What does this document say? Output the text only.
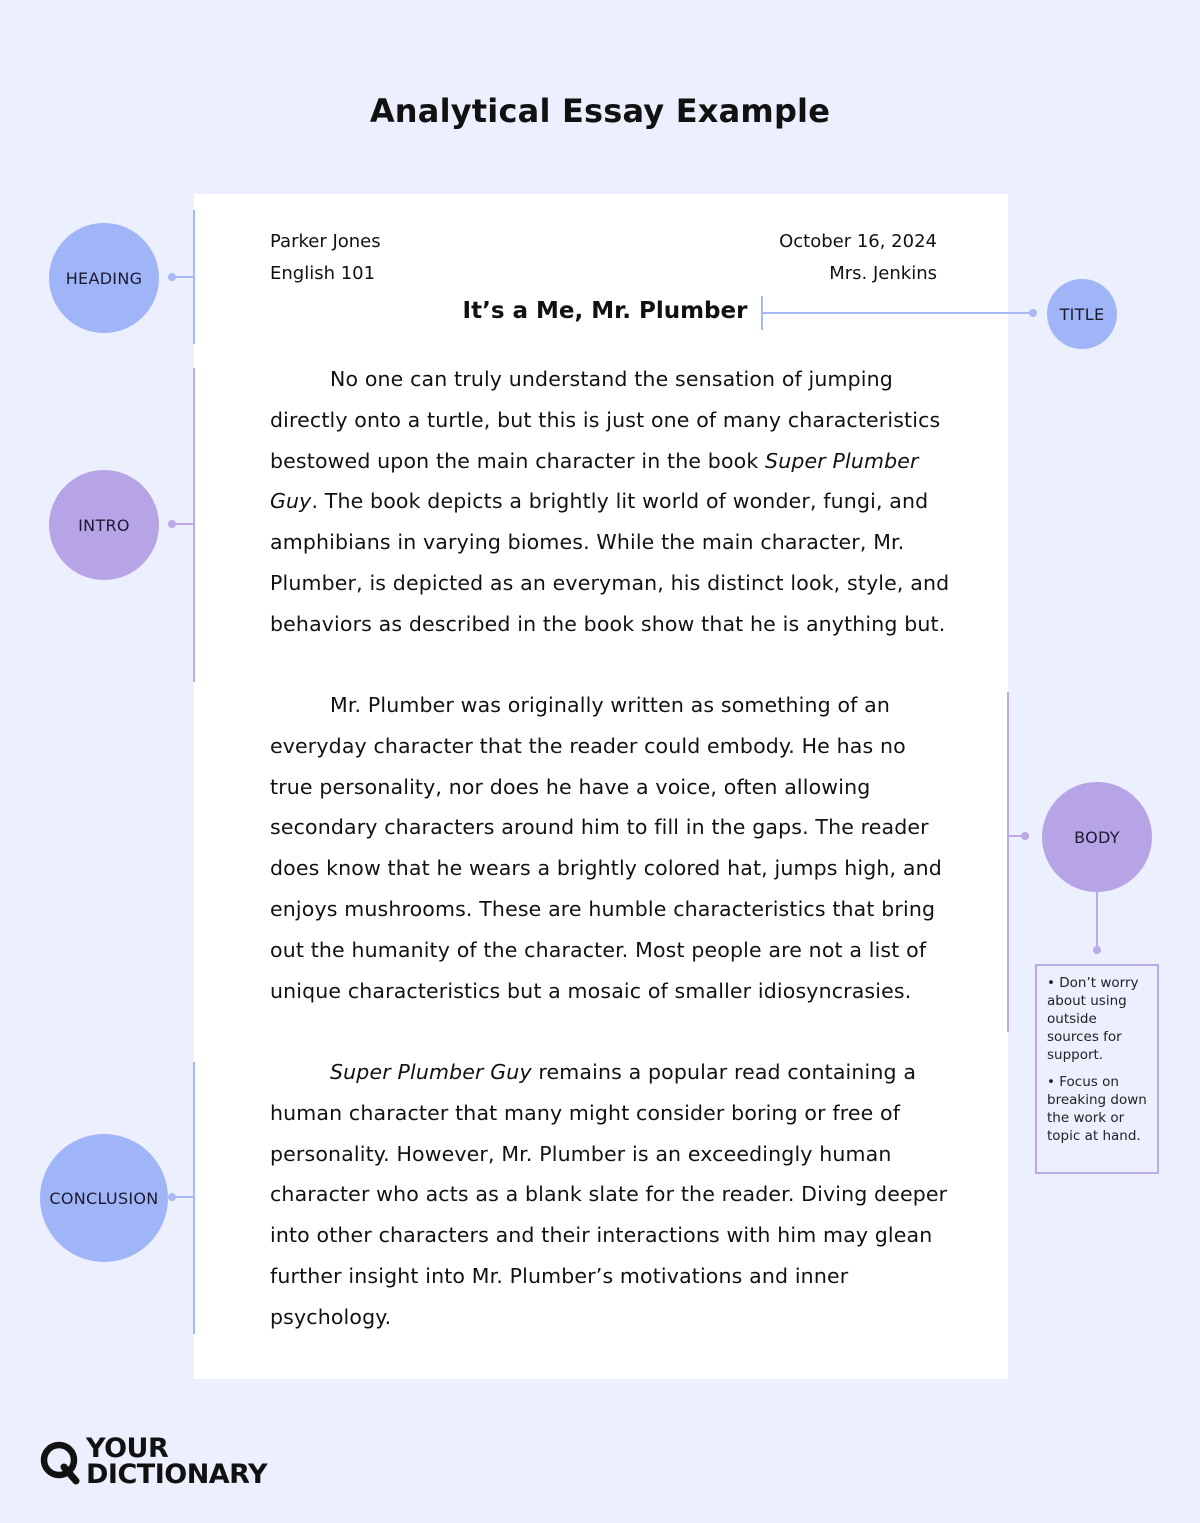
Analytical Essay Example
Parker Jones
English 101
October 16, 2024
Mrs. Jenkins
It’s a Me, Mr. Plumber

No one can truly understand the sensation of jumping directly onto a turtle, but this is just one of many characteristics bestowed upon the main character in the book Super Plumber Guy. The book depicts a brightly lit world of wonder, fungi, and amphibians in varying biomes. While the main character, Mr. Plumber, is depicted as an everyman, his distinct look, style, and behaviors as described in the book show that he is anything but.

Mr. Plumber was originally written as something of an everyday character that the reader could embody. He has no true personality, nor does he have a voice, often allowing secondary characters around him to fill in the gaps. The reader does know that he wears a brightly colored hat, jumps high, and enjoys mushrooms. These are humble characteristics that bring out the humanity of the character. Most people are not a list of unique characteristics but a mosaic of smaller idiosyncrasies.

Super Plumber Guy remains a popular read containing a human character that many might consider boring or free of personality. However, Mr. Plumber is an exceedingly human character who acts as a blank slate for the reader. Diving deeper into other characters and their interactions with him may glean further insight into Mr. Plumber’s motivations and inner psychology.

HEADING
TITLE
INTRO
BODY
• Don’t worry about using outside sources for support.
• Focus on breaking down the work or topic at hand.
CONCLUSION
YOUR
DICTIONARY
